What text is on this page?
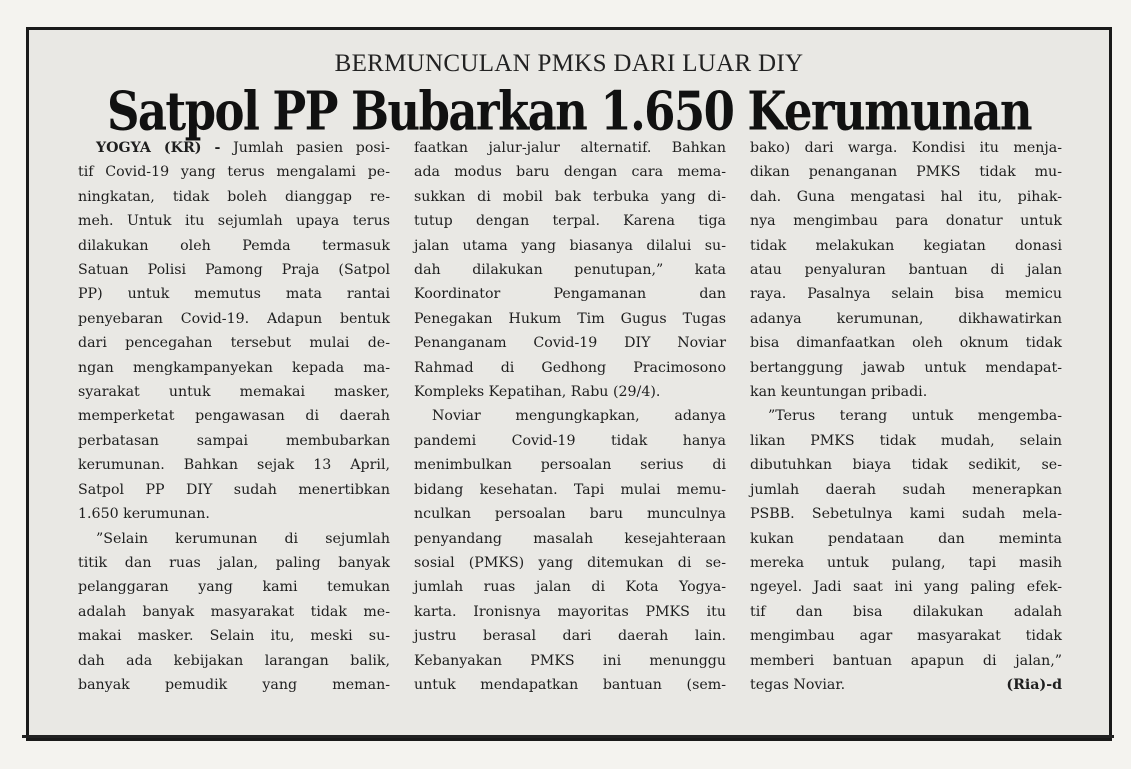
BERMUNCULAN PMKS DARI LUAR DIY
Satpol PP Bubarkan 1.650 Kerumunan
YOGYA (KR) - Jumlah pasien posi-
tif Covid-19 yang terus mengalami pe-
ningkatan, tidak boleh dianggap re-
meh. Untuk itu sejumlah upaya terus
dilakukan oleh Pemda termasuk
Satuan Polisi Pamong Praja (Satpol
PP) untuk memutus mata rantai
penyebaran Covid-19. Adapun bentuk
dari pencegahan tersebut mulai de-
ngan mengkampanyekan kepada ma-
syarakat untuk memakai masker,
memperketat pengawasan di daerah
perbatasan sampai membubarkan
kerumunan. Bahkan sejak 13 April,
Satpol PP DIY sudah menertibkan
1.650 kerumunan.
”Selain kerumunan di sejumlah
titik dan ruas jalan, paling banyak
pelanggaran yang kami temukan
adalah banyak masyarakat tidak me-
makai masker. Selain itu, meski su-
dah ada kebijakan larangan balik,
banyak pemudik yang meman-
faatkan jalur-jalur alternatif. Bahkan
ada modus baru dengan cara mema-
sukkan di mobil bak terbuka yang di-
tutup dengan terpal. Karena tiga
jalan utama yang biasanya dilalui su-
dah dilakukan penutupan,” kata
Koordinator Pengamanan dan
Penegakan Hukum Tim Gugus Tugas
Penanganam Covid-19 DIY Noviar
Rahmad di Gedhong Pracimosono
Kompleks Kepatihan, Rabu (29/4).
Noviar mengungkapkan, adanya
pandemi Covid-19 tidak hanya
menimbulkan persoalan serius di
bidang kesehatan. Tapi mulai memu-
nculkan persoalan baru munculnya
penyandang masalah kesejahteraan
sosial (PMKS) yang ditemukan di se-
jumlah ruas jalan di Kota Yogya-
karta. Ironisnya mayoritas PMKS itu
justru berasal dari daerah lain.
Kebanyakan PMKS ini menunggu
untuk mendapatkan bantuan (sem-
bako) dari warga. Kondisi itu menja-
dikan penanganan PMKS tidak mu-
dah. Guna mengatasi hal itu, pihak-
nya mengimbau para donatur untuk
tidak melakukan kegiatan donasi
atau penyaluran bantuan di jalan
raya. Pasalnya selain bisa memicu
adanya kerumunan, dikhawatirkan
bisa dimanfaatkan oleh oknum tidak
bertanggung jawab untuk mendapat-
kan keuntungan pribadi.
”Terus terang untuk mengemba-
likan PMKS tidak mudah, selain
dibutuhkan biaya tidak sedikit, se-
jumlah daerah sudah menerapkan
PSBB. Sebetulnya kami sudah mela-
kukan pendataan dan meminta
mereka untuk pulang, tapi masih
ngeyel. Jadi saat ini yang paling efek-
tif dan bisa dilakukan adalah
mengimbau agar masyarakat tidak
memberi bantuan apapun di jalan,”
tegas Noviar.	(Ria)-d
